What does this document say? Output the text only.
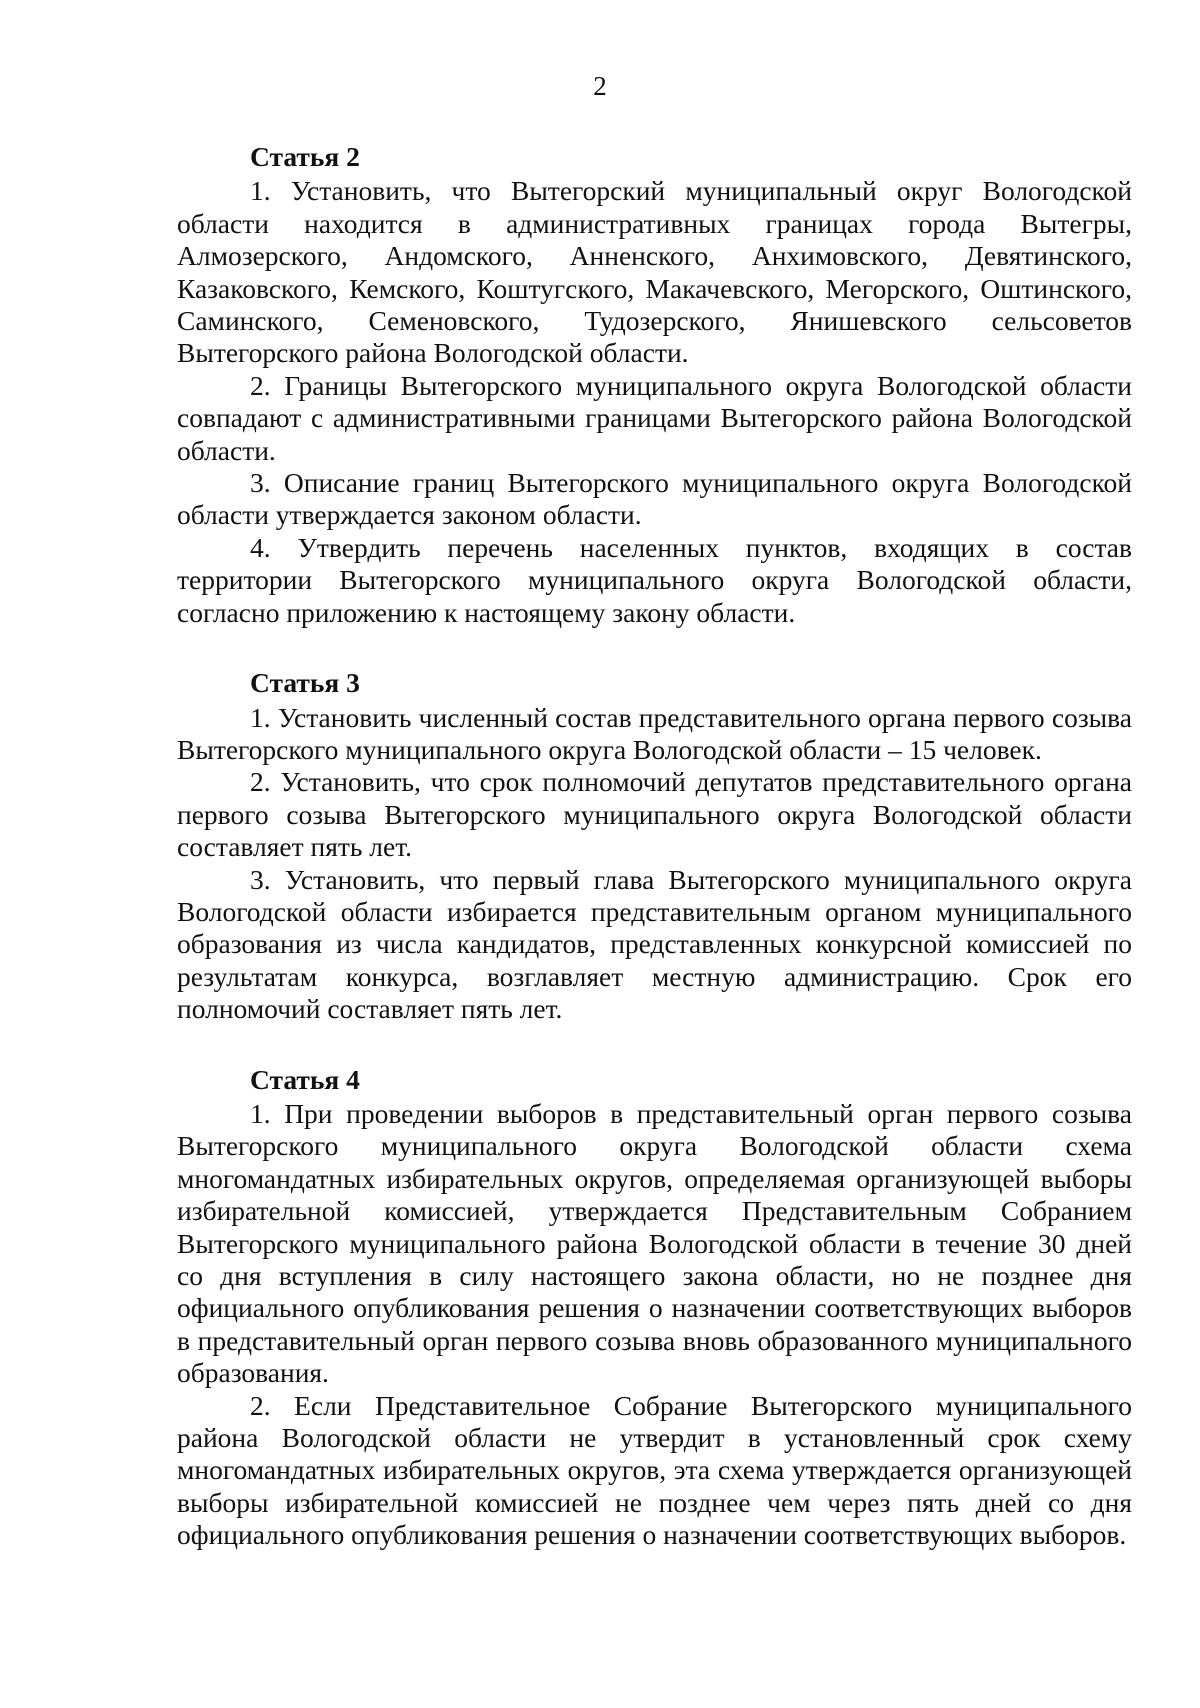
2
Статья 2

1. Установить, что Вытегорский муниципальный округ Вологодской области находится в административных границах города Вытегры, Алмозерского, Андомского, Анненского, Анхимовского, Девятинского, Казаковского, Кемского, Коштугского, Макачевского, Мегорского, Оштинского, Саминского, Семеновского, Тудозерского, Янишевского сельсоветов Вытегорского района Вологодской области.

2. Границы Вытегорского муниципального округа Вологодской области совпадают с административными границами Вытегорского района Вологодской области.

3. Описание границ Вытегорского муниципального округа Вологодской области утверждается законом области.

4. Утвердить перечень населенных пунктов, входящих в состав территории Вытегорского муниципального округа Вологодской области, согласно приложению к настоящему закону области.

Статья 3

1. Установить численный состав представительного органа первого созыва Вытегорского муниципального округа Вологодской области – 15 человек.

2. Установить, что срок полномочий депутатов представительного органа первого созыва Вытегорского муниципального округа Вологодской области составляет пять лет.

3. Установить, что первый глава Вытегорского муниципального округа Вологодской области избирается представительным органом муниципального образования из числа кандидатов, представленных конкурсной комиссией по результатам конкурса, возглавляет местную администрацию. Срок его полномочий составляет пять лет.

Статья 4

1. При проведении выборов в представительный орган первого созыва Вытегорского муниципального округа Вологодской области схема многомандатных избирательных округов, определяемая организующей выборы избирательной комиссией, утверждается Представительным Собранием Вытегорского муниципального района Вологодской области в течение 30 дней со дня вступления в силу настоящего закона области, но не позднее дня официального опубликования решения о назначении соответствующих выборов в представительный орган первого созыва вновь образованного муниципального образования.

2. Если Представительное Собрание Вытегорского муниципального района Вологодской области не утвердит в установленный срок схему многомандатных избирательных округов, эта схема утверждается организующей выборы избирательной комиссией не позднее чем через пять дней со дня официального опубликования решения о назначении соответствующих выборов.
